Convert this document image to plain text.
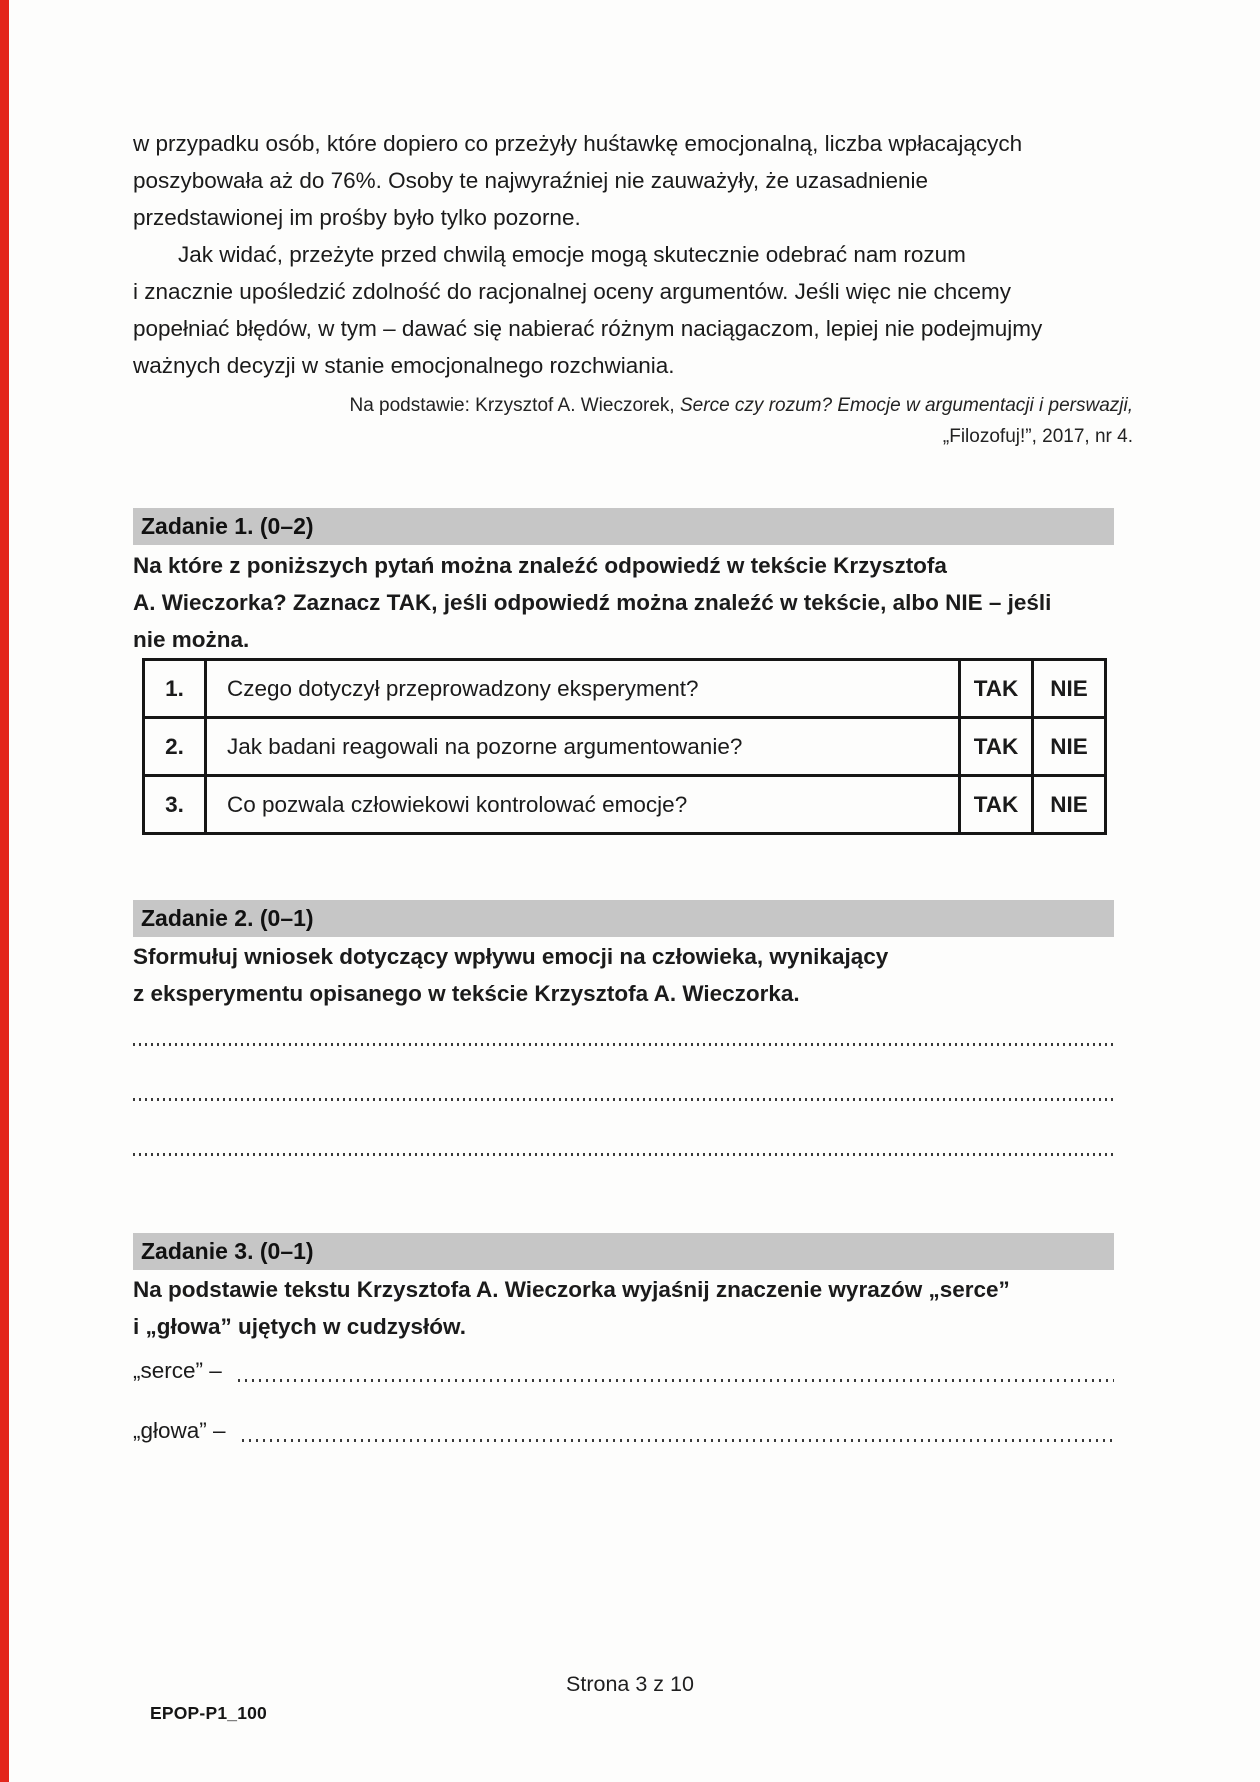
w przypadku osób, które dopiero co przeżyły huśtawkę emocjonalną, liczba wpłacających
poszybowała aż do 76%. Osoby te najwyraźniej nie zauważyły, że uzasadnienie
przedstawionej im prośby było tylko pozorne.
Jak widać, przeżyte przed chwilą emocje mogą skutecznie odebrać nam rozum
i znacznie upośledzić zdolność do racjonalnej oceny argumentów. Jeśli więc nie chcemy
popełniać błędów, w tym – dawać się nabierać różnym naciągaczom, lepiej nie podejmujmy
ważnych decyzji w stanie emocjonalnego rozchwiania.
Na podstawie: Krzysztof A. Wieczorek, Serce czy rozum? Emocje w argumentacji i perswazji,
„Filozofuj!”, 2017, nr 4.
Zadanie 1. (0–2)
Na które z poniższych pytań można znaleźć odpowiedź w tekście Krzysztofa
A. Wieczorka? Zaznacz TAK, jeśli odpowiedź można znaleźć w tekście, albo NIE – jeśli
nie można.
1.	Czego dotyczył przeprowadzony eksperyment?	TAK	NIE
2.	Jak badani reagowali na pozorne argumentowanie?	TAK	NIE
3.	Co pozwala człowiekowi kontrolować emocje?	TAK	NIE
Zadanie 2. (0–1)
Sformułuj wniosek dotyczący wpływu emocji na człowieka, wynikający
z eksperymentu opisanego w tekście Krzysztofa A. Wieczorka.
Zadanie 3. (0–1)
Na podstawie tekstu Krzysztofa A. Wieczorka wyjaśnij znaczenie wyrazów „serce”
i „głowa” ujętych w cudzysłów.
„serce” –
„głowa” –
Strona 3 z 10
EPOP-P1_100
